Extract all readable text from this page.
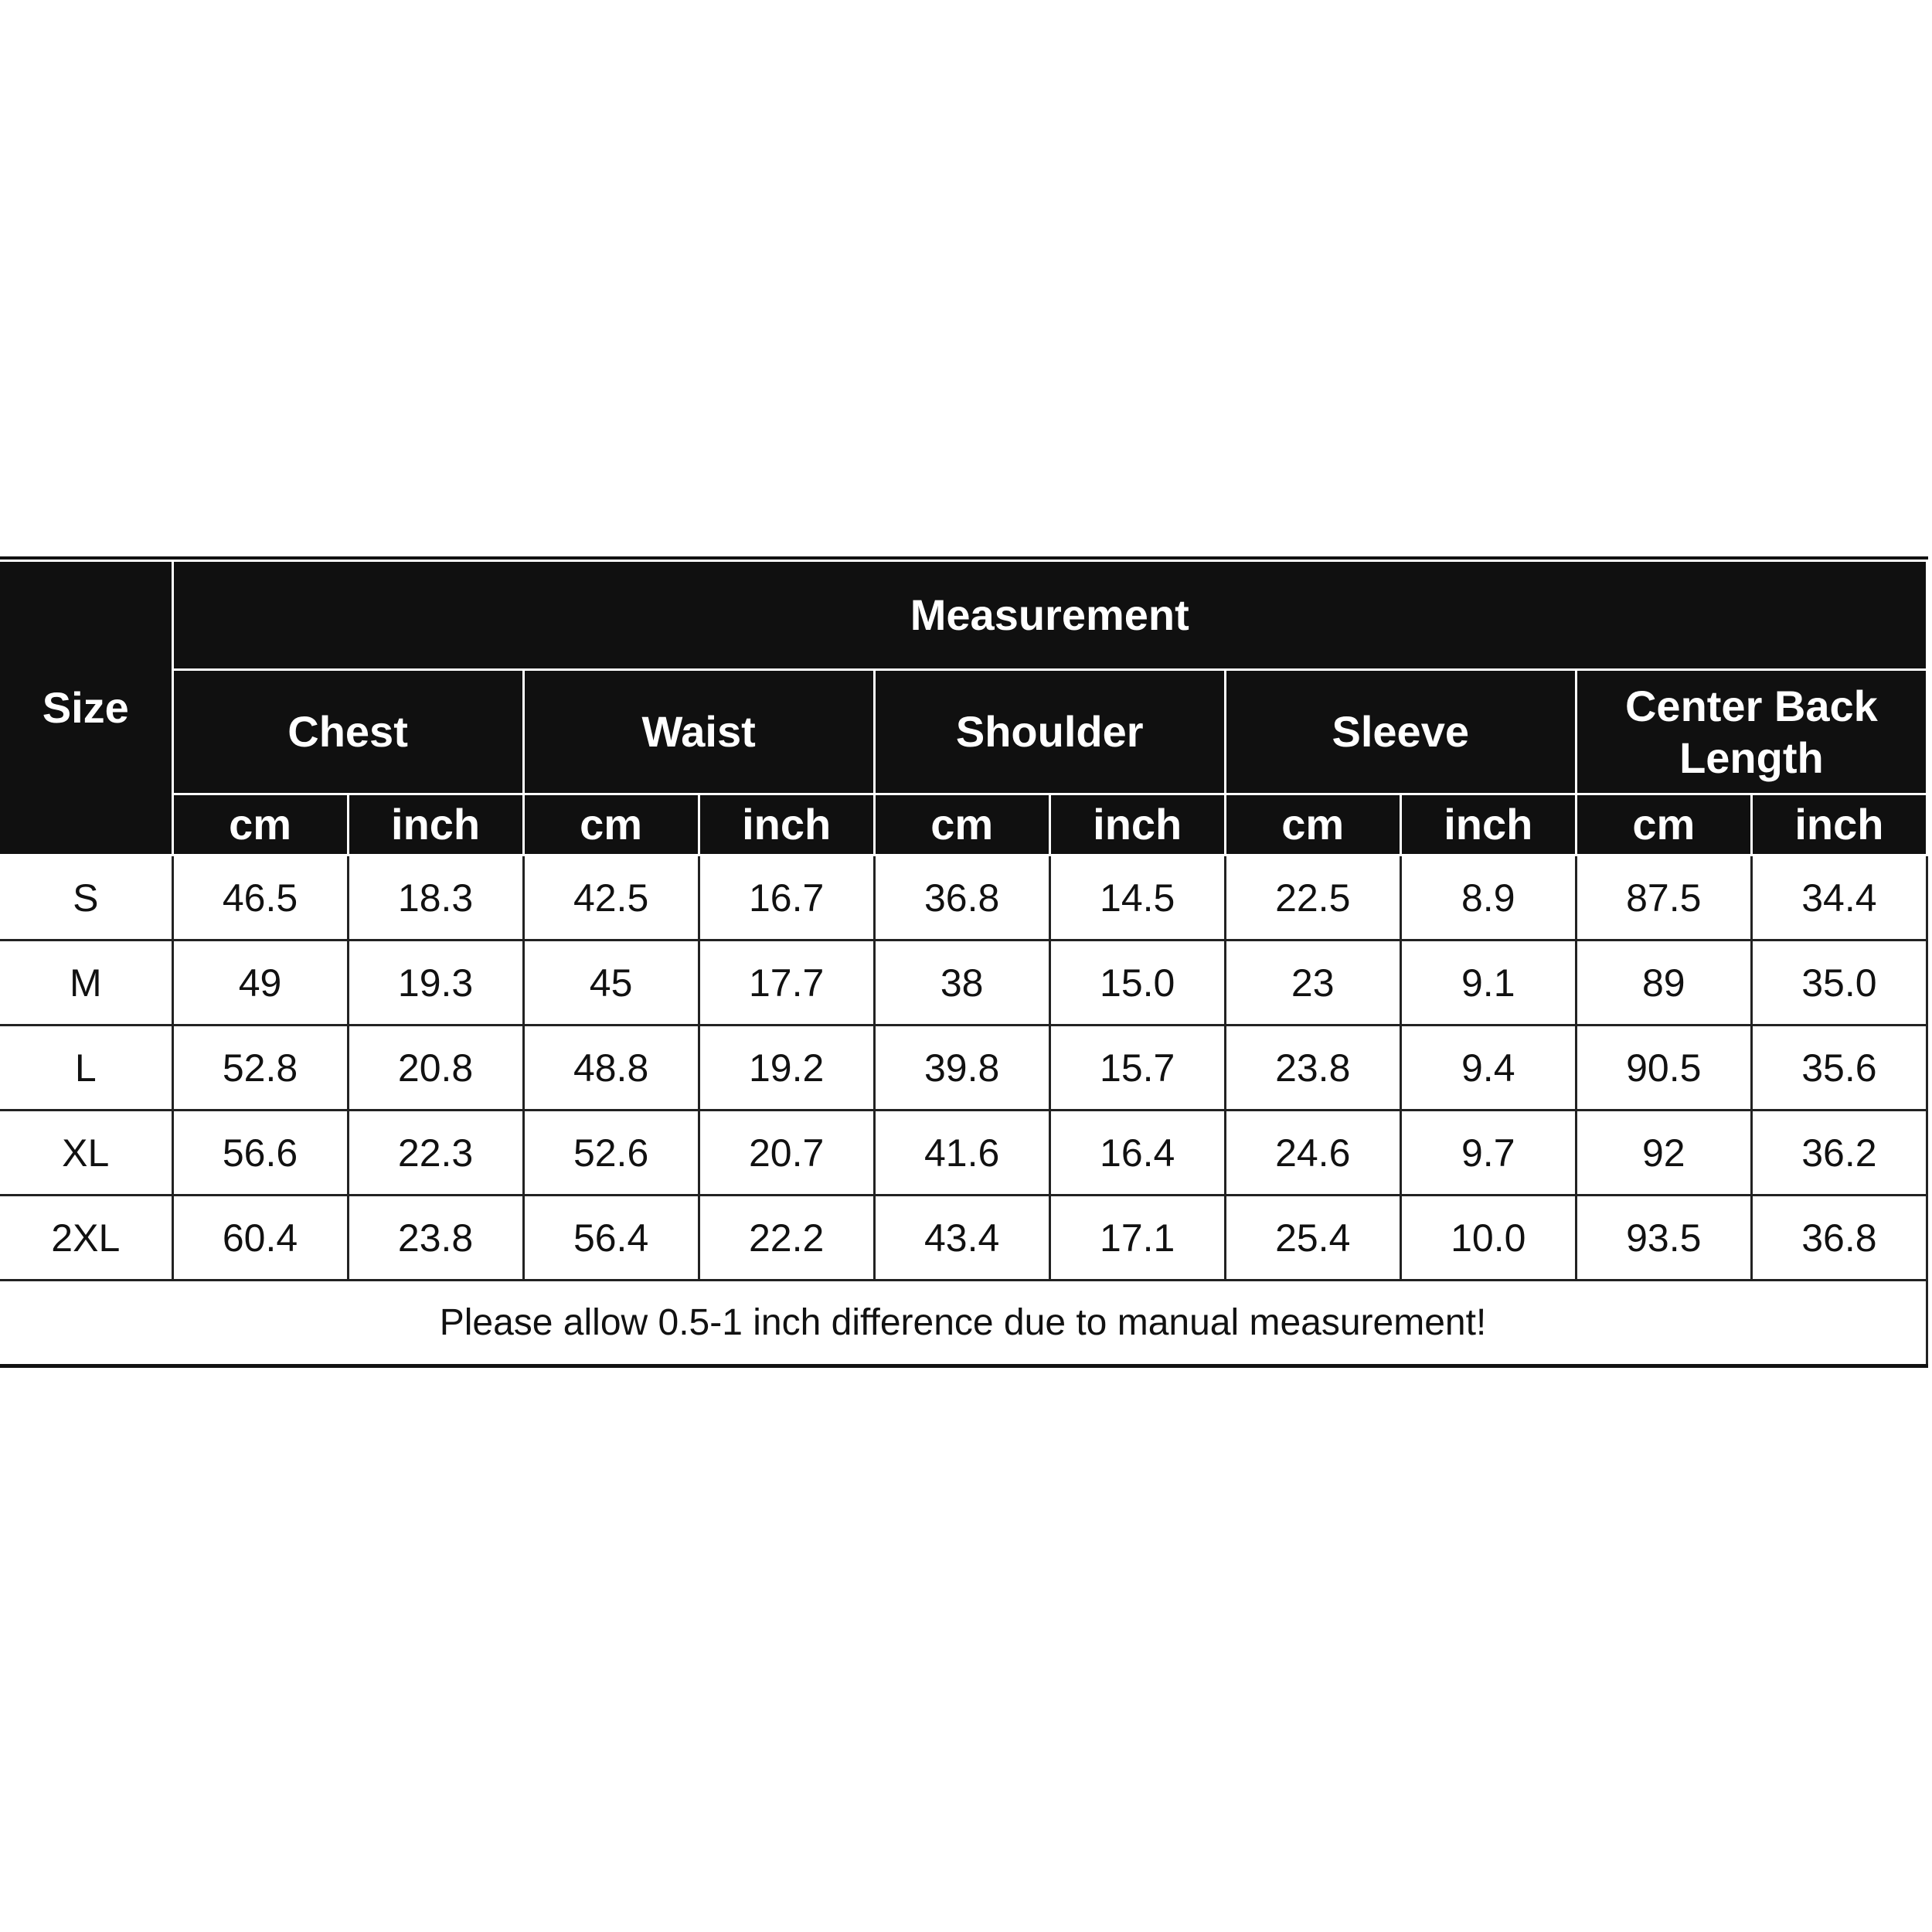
Size	Measurement									
	Chest		Waist		Shoulder		Sleeve		Center Back Length	
	cm	inch	cm	inch	cm	inch	cm	inch	cm	inch
S	46.5	18.3	42.5	16.7	36.8	14.5	22.5	8.9	87.5	34.4
M	49	19.3	45	17.7	38	15.0	23	9.1	89	35.0
L	52.8	20.8	48.8	19.2	39.8	15.7	23.8	9.4	90.5	35.6
XL	56.6	22.3	52.6	20.7	41.6	16.4	24.6	9.7	92	36.2
2XL	60.4	23.8	56.4	22.2	43.4	17.1	25.4	10.0	93.5	36.8
Please allow 0.5-1 inch difference due to manual measurement!										
